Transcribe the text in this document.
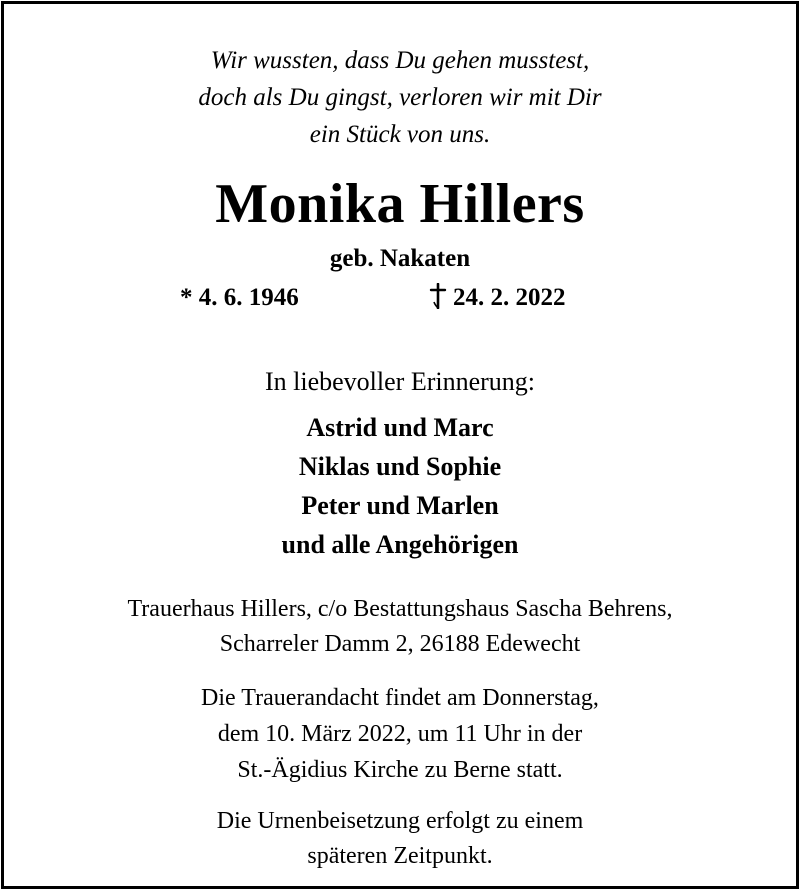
Wir wussten, dass Du gehen musstest,
doch als Du gingst, verloren wir mit Dir
ein Stück von uns.
Monika Hillers
geb. Nakaten
* 4. 6. 1946	24. 2. 2022
In liebevoller Erinnerung:
Astrid und Marc
Niklas und Sophie
Peter und Marlen
und alle Angehörigen
Trauerhaus Hillers, c/o Bestattungshaus Sascha Behrens,
Scharreler Damm 2, 26188 Edewecht
Die Trauerandacht findet am Donnerstag,
dem 10. März 2022, um 11 Uhr in der
St.-Ägidius Kirche zu Berne statt.
Die Urnenbeisetzung erfolgt zu einem
späteren Zeitpunkt.
